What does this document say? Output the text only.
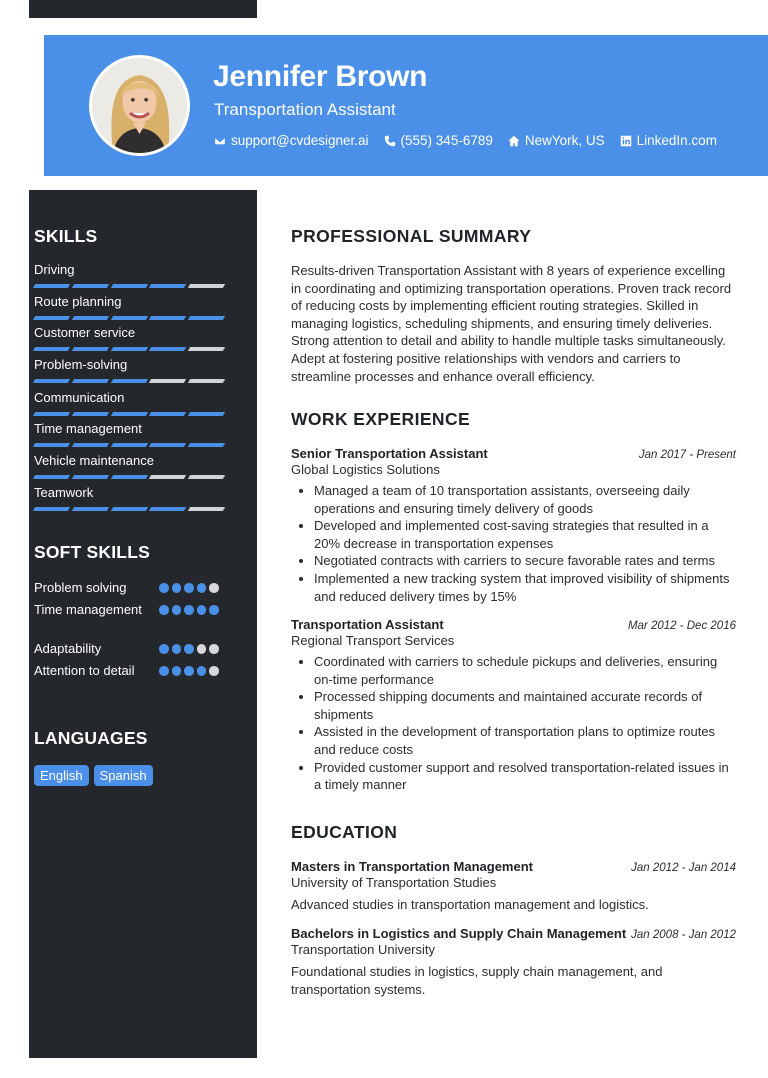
Jennifer Brown
Transportation Assistant
support@cvdesigner.ai (555) 345-6789 NewYork, US LinkedIn.com
SKILLS
Driving
Route planning
Customer service
Problem-solving
Communication
Time management
Vehicle maintenance
Teamwork
SOFT SKILLS
Problem solving
Time management
Adaptability
Attention to detail
LANGUAGES
English	Spanish
PROFESSIONAL SUMMARY
Results-driven Transportation Assistant with 8 years of experience excelling in coordinating and optimizing transportation operations. Proven track record of reducing costs by implementing efficient routing strategies. Skilled in managing logistics, scheduling shipments, and ensuring timely deliveries. Strong attention to detail and ability to handle multiple tasks simultaneously. Adept at fostering positive relationships with vendors and carriers to streamline processes and enhance overall efficiency.
WORK EXPERIENCE
Senior Transportation Assistant	Jan 2017 - Present
Global Logistics Solutions
• Managed a team of 10 transportation assistants, overseeing daily operations and ensuring timely delivery of goods
• Developed and implemented cost-saving strategies that resulted in a 20% decrease in transportation expenses
• Negotiated contracts with carriers to secure favorable rates and terms
• Implemented a new tracking system that improved visibility of shipments and reduced delivery times by 15%
Transportation Assistant	Mar 2012 - Dec 2016
Regional Transport Services
• Coordinated with carriers to schedule pickups and deliveries, ensuring on-time performance
• Processed shipping documents and maintained accurate records of shipments
• Assisted in the development of transportation plans to optimize routes and reduce costs
• Provided customer support and resolved transportation-related issues in a timely manner
EDUCATION
Masters in Transportation Management	Jan 2012 - Jan 2014
University of Transportation Studies
Advanced studies in transportation management and logistics.
Bachelors in Logistics and Supply Chain Management Jan 2008 - Jan 2012
Transportation University
Foundational studies in logistics, supply chain management, and transportation systems.
